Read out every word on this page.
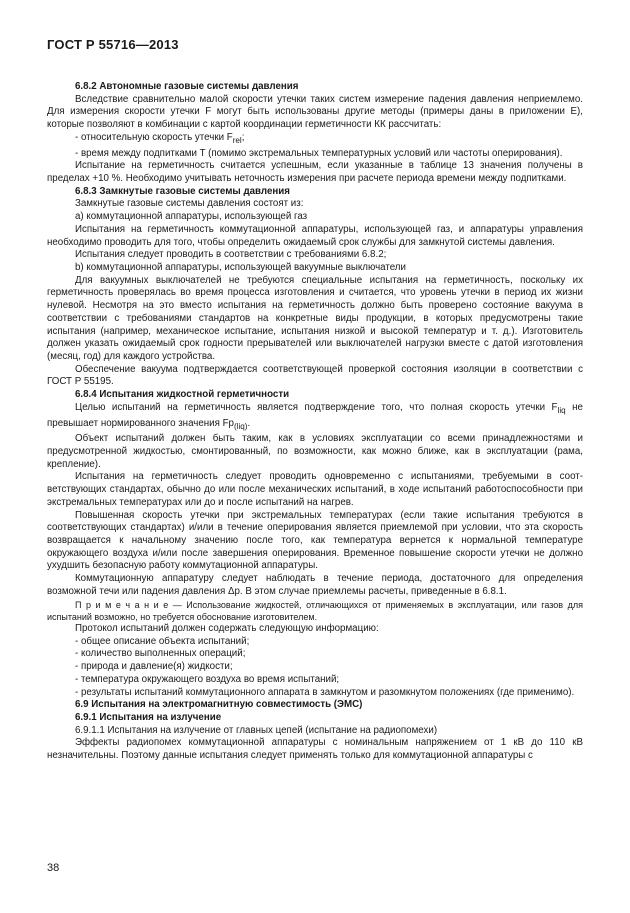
ГОСТ Р 55716—2013

6.8.2 Автономные газовые системы давления

Вследствие сравнительно малой скорости утечки таких систем измерение падения давления неприемлемо. Для измерения скорости утечки F могут быть использованы другие методы (примеры даны в приложении Е), которые позволяют в комбинации с картой координации герметичности КК рассчитать:

- относительную скорость утечки $F_{rel}$;

- время между подпитками T (помимо экстремальных температурных условий или частоты оперирования).

Испытание на герметичность считается успешным, если указанные в таблице 13 значения получены в пределах +10 %. Необходимо учитывать неточность измерения при расчете периода времени между подпитками.

6.8.3 Замкнутые газовые системы давления

Замкнутые газовые системы давления состоят из:

а) коммутационной аппаратуры, использующей газ

Испытания на герметичность коммутационной аппаратуры, использующей газ, и аппаратуры управления необходимо проводить для того, чтобы определить ожидаемый срок службы для замкнутой системы давления.

Испытания следует проводить в соответствии с требованиями 6.8.2;

b) коммутационной аппаратуры, использующей вакуумные выключатели

Для вакуумных выключателей не требуются специальные испытания на герметичность, поскольку их герметичность проверялась во время процесса изготовления и считается, что уровень утечки в период их жизни нулевой. Несмотря на это вместо испытания на герметичность должно быть проверено состояние вакуума в соответствии с требованиями стандартов на конкретные виды продукции, в которых предусмотрены такие испытания (например, механическое испытание, испытания низкой и высокой температур и т. д.). Изготовитель должен указать ожидаемый срок годности прерывателей или выключателей нагрузки вместе с датой изготовления (месяц, год) для каждого устройства.

Обеспечение вакуума подтверждается соответствующей проверкой состояния изоляции в соответствии с ГОСТ Р 55195.

6.8.4 Испытания жидкостной герметичности

Целью испытаний на герметичность является подтверждение того, что полная скорость утечки $F_{liq}$ не превышает нормированного значения $Fp_{(liq)}$.

Объект испытаний должен быть таким, как в условиях эксплуатации со всеми принадлежностями и предусмотренной жидкостью, смонтированный, по возможности, как можно ближе, как в эксплуатации (рама, крепление).

Испытания на герметичность следует проводить одновременно с испытаниями, требуемыми в соответствующих стандартах, обычно до или после механических испытаний, в ходе испытаний работоспособности при экстремальных температурах или до и после испытаний на нагрев.

Повышенная скорость утечки при экстремальных температурах (если такие испытания требуются в соответствующих стандартах) и/или в течение оперирования является приемлемой при условии, что эта скорость возвращается к начальному значению после того, как температура вернется к нормальной температуре окружающего воздуха и/или после завершения оперирования. Временное повышение скорости утечки не должно ухудшить безопасную работу коммутационной аппаратуры.

Коммутационную аппаратуру следует наблюдать в течение периода, достаточного для определения возможной течи или падения давления Δp. В этом случае приемлемы расчеты, приведенные в 6.8.1.

П р и м е ч а н и е — Использование жидкостей, отличающихся от применяемых в эксплуатации, или газов для испытаний возможно, но требуется обоснование изготовителем.

Протокол испытаний должен содержать следующую информацию:

- общее описание объекта испытаний;

- количество выполненных операций;

- природа и давление(я) жидкости;

- температура окружающего воздуха во время испытаний;

- результаты испытаний коммутационного аппарата в замкнутом и разомкнутом положениях (где применимо).

6.9 Испытания на электромагнитную совместимость (ЭМС)

6.9.1 Испытания на излучение

6.9.1.1 Испытания на излучение от главных цепей (испытание на радиопомехи)

Эффекты радиопомех коммутационной аппаратуры с номинальным напряжением от 1 кВ до 110 кВ незначительны. Поэтому данные испытания следует применять только для коммутационной аппаратуры с

38
